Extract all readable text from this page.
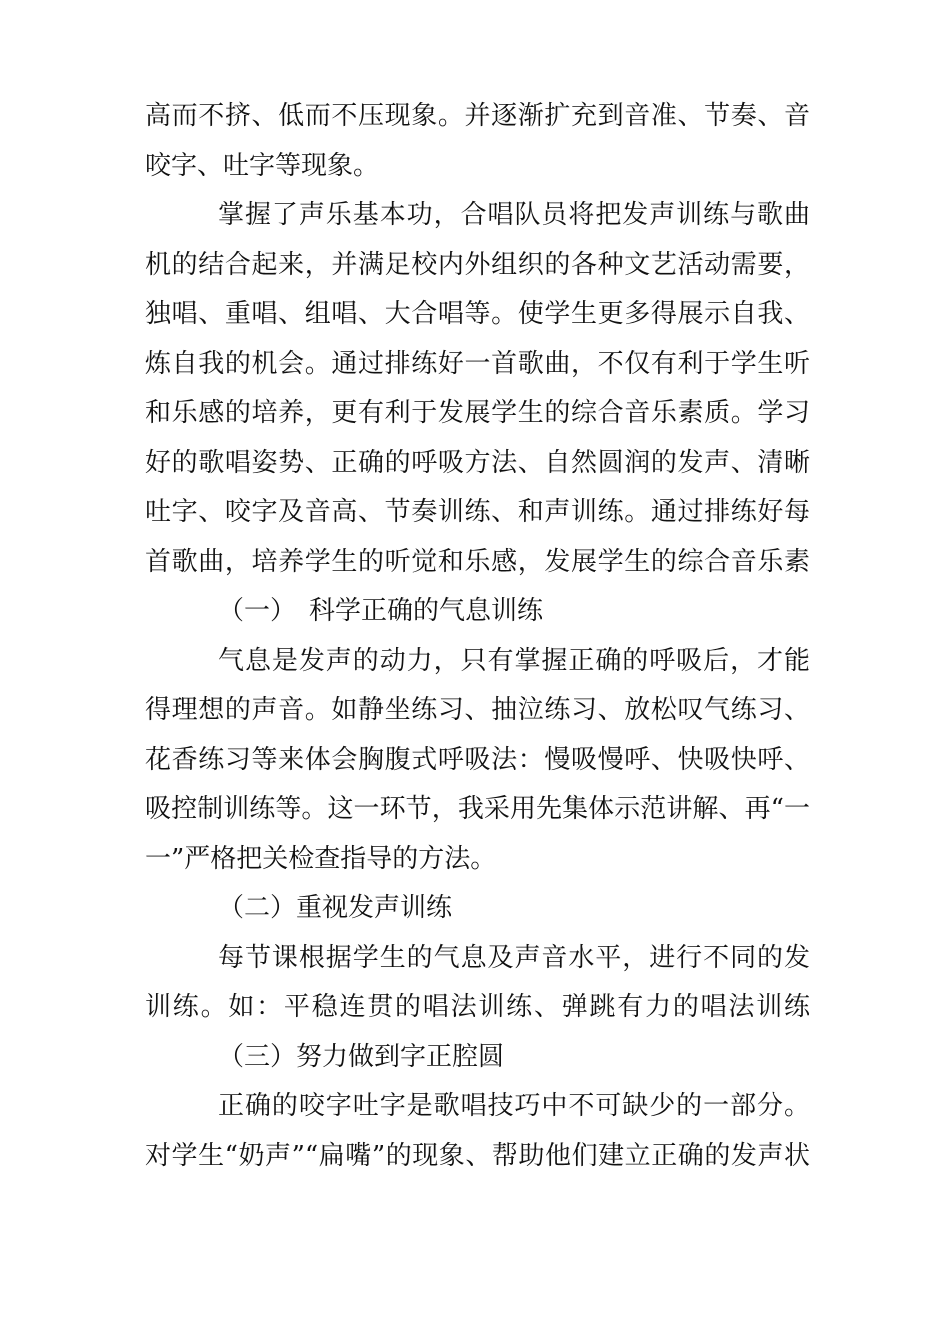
高而不挤、低而不压现象。并逐渐扩充到音准、节奏、音
咬字、吐字等现象。
掌握了声乐基本功，合唱队员将把发声训练与歌曲
机的结合起来，并满足校内外组织的各种文艺活动需要，
独唱、重唱、组唱、大合唱等。使学生更多得展示自我、
炼自我的机会。通过排练好一首歌曲，不仅有利于学生听
和乐感的培养，更有利于发展学生的综合音乐素质。学习
好的歌唱姿势、正确的呼吸方法、自然圆润的发声、清晰
吐字、咬字及音高、节奏训练、和声训练。通过排练好每
首歌曲，培养学生的听觉和乐感，发展学生的综合音乐素
（一）　科学正确的气息训练
气息是发声的动力，只有掌握正确的呼吸后，才能
得理想的声音。如静坐练习、抽泣练习、放松叹气练习、
花香练习等来体会胸腹式呼吸法：慢吸慢呼、快吸快呼、
吸控制训练等。这一环节，我采用先集体示范讲解、再“一
一”严格把关检查指导的方法。
（二）重视发声训练
每节课根据学生的气息及声音水平，进行不同的发
训练。如：平稳连贯的唱法训练、弹跳有力的唱法训练
（三）努力做到字正腔圆
正确的咬字吐字是歌唱技巧中不可缺少的一部分。
对学生“奶声”“扁嘴”的现象、帮助他们建立正确的发声状
